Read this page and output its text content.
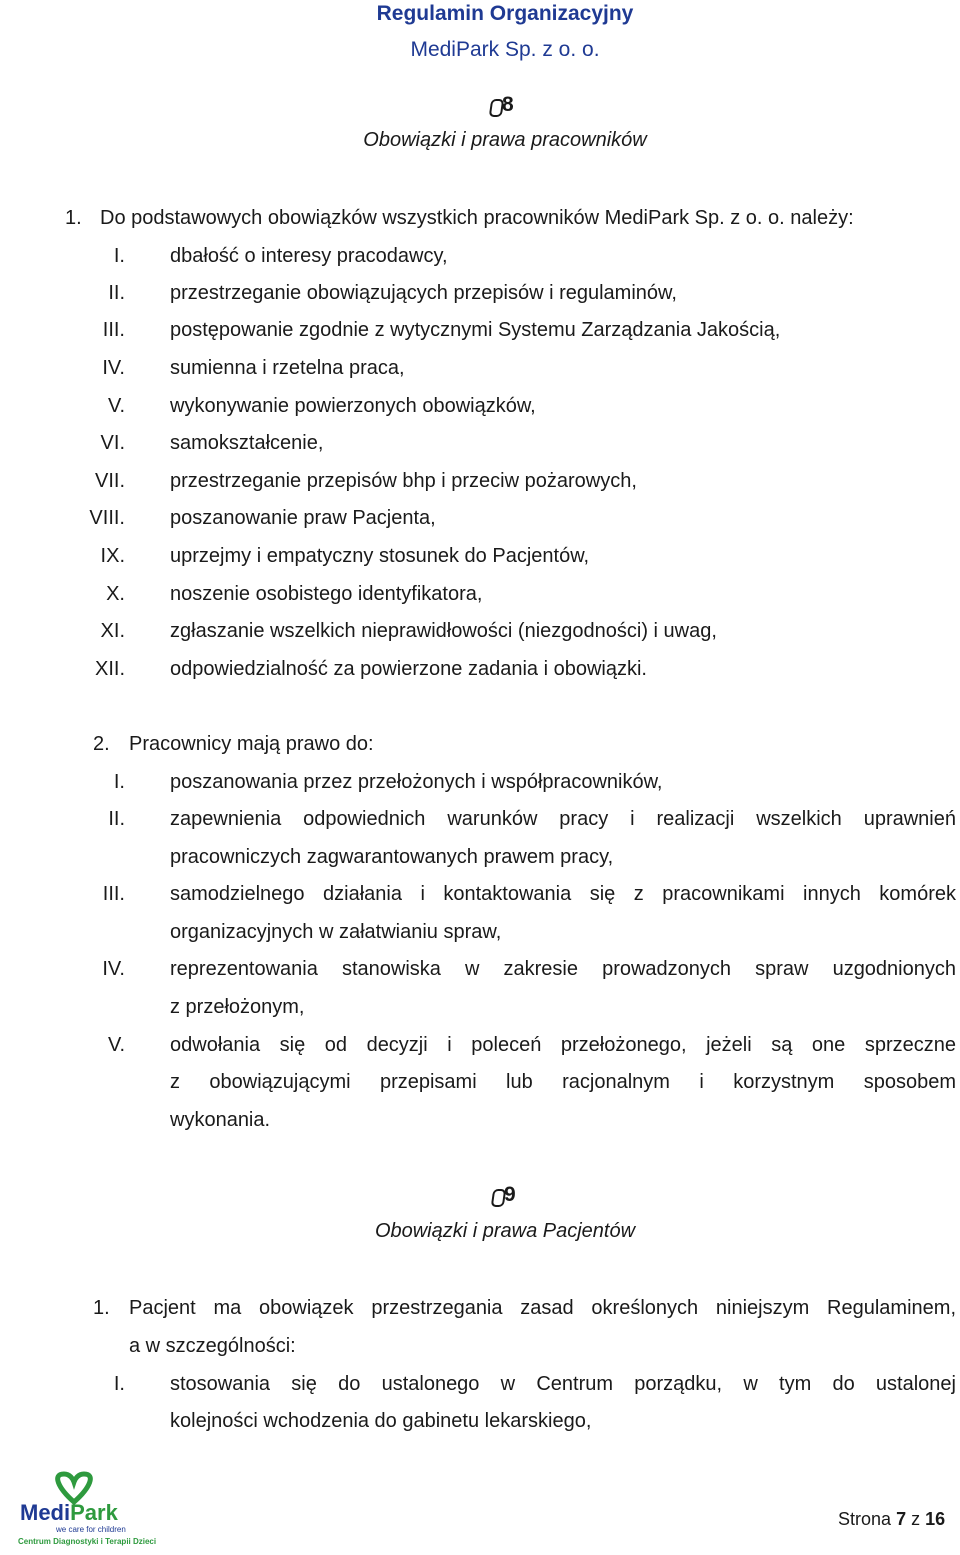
Regulamin Organizacyjny
MediPark Sp. z o. o.
8
Obowiązki i prawa pracowników
1. Do podstawowych obowiązków wszystkich pracowników MediPark Sp. z o. o. należy:
I. dbałość o interesy pracodawcy,
II. przestrzeganie obowiązujących przepisów i regulaminów,
III. postępowanie zgodnie z wytycznymi Systemu Zarządzania Jakością,
IV. sumienna i rzetelna praca,
V. wykonywanie powierzonych obowiązków,
VI. samokształcenie,
VII. przestrzeganie przepisów bhp i przeciw pożarowych,
VIII. poszanowanie praw Pacjenta,
IX. uprzejmy i empatyczny stosunek do Pacjentów,
X. noszenie osobistego identyfikatora,
XI. zgłaszanie wszelkich nieprawidłowości (niezgodności) i uwag,
XII. odpowiedzialność za powierzone zadania i obowiązki.
2. Pracownicy mają prawo do:
I. poszanowania przez przełożonych i współpracowników,
II. zapewnienia odpowiednich warunków pracy i realizacji wszelkich uprawnień
pracowniczych zagwarantowanych prawem pracy,
III. samodzielnego działania i kontaktowania się z pracownikami innych komórek
organizacyjnych w załatwianiu spraw,
IV. reprezentowania stanowiska w zakresie prowadzonych spraw uzgodnionych
z przełożonym,
V. odwołania się od decyzji i poleceń przełożonego, jeżeli są one sprzeczne
z obowiązującymi przepisami lub racjonalnym i korzystnym sposobem
wykonania.
9
Obowiązki i prawa Pacjentów
1. Pacjent ma obowiązek przestrzegania zasad określonych niniejszym Regulaminem,
a w szczególności:
I. stosowania się do ustalonego w Centrum porządku, w tym do ustalonej
kolejności wchodzenia do gabinetu lekarskiego,
MediPark
we care for children
Centrum Diagnostyki i Terapii Dzieci
Strona 7 z 16
